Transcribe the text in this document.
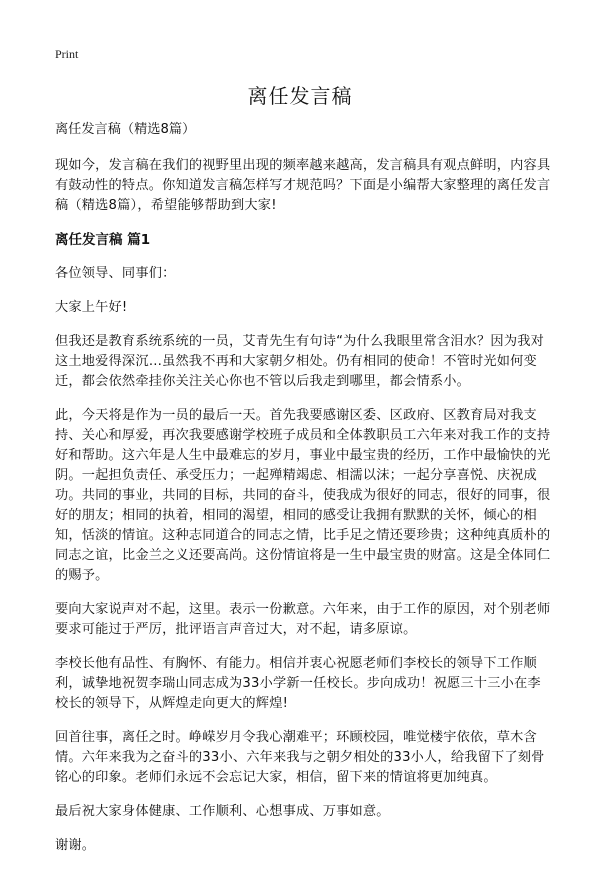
Print
离任发言稿

离任发言稿（精选8篇）

现如今，发言稿在我们的视野里出现的频率越来越高，发言稿具有观点鲜明，内容具有鼓动性的特点。你知道发言稿怎样写才规范吗？下面是小编帮大家整理的离任发言稿（精选8篇），希望能够帮助到大家!

离任发言稿 篇1

各位领导、同事们：

大家上午好!

但我还是教育系统系统的一员，艾青先生有句诗“为什么我眼里常含泪水？因为我对这土地爱得深沉…虽然我不再和大家朝夕相处。仍有相同的使命！不管时光如何变迁，都会依然牵挂你关注关心你也不管以后我走到哪里，都会情系小。

此，今天将是作为一员的最后一天。首先我要感谢区委、区政府、区教育局对我支持、关心和厚爱，再次我要感谢学校班子成员和全体教职员工六年来对我工作的支持好和帮助。这六年是人生中最难忘的岁月，事业中最宝贵的经历，工作中最愉快的光阴。一起担负责任、承受压力；一起殚精竭虑、相濡以沫；一起分享喜悦、庆祝成功。共同的事业，共同的目标，共同的奋斗，使我成为很好的同志，很好的同事，很好的朋友；相同的执着，相同的渴望，相同的感受让我拥有默默的关怀，倾心的相知，恬淡的情谊。这种志同道合的同志之情，比手足之情还要珍贵；这种纯真质朴的同志之谊，比金兰之义还要高尚。这份情谊将是一生中最宝贵的财富。这是全体同仁的赐予。

要向大家说声对不起，这里。表示一份歉意。六年来，由于工作的原因，对个别老师要求可能过于严厉，批评语言声音过大，对不起，请多原谅。

李校长他有品性、有胸怀、有能力。相信并衷心祝愿老师们李校长的领导下工作顺利，诚挚地祝贺李瑞山同志成为33小学新一任校长。步向成功！祝愿三十三小在李校长的领导下，从辉煌走向更大的辉煌!

回首往事，离任之时。峥嵘岁月令我心潮难平；环顾校园，唯觉楼宇依依，草木含情。六年来我为之奋斗的33小、六年来我与之朝夕相处的33小人，给我留下了刻骨铭心的印象。老师们永远不会忘记大家，相信，留下来的情谊将更加纯真。

最后祝大家身体健康、工作顺利、心想事成、万事如意。

谢谢。
